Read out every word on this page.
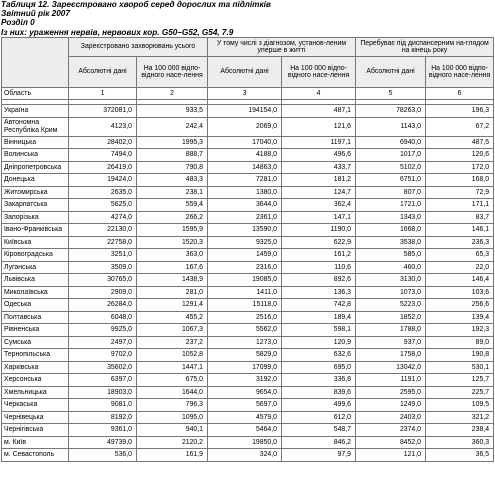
Таблиця 12. Зареєстровано хвороб серед дорослих та підлітків
Звітний рік 2007
Розділ 0
Із них: ураження нервів, нервових кор. G50–G52, G54, 7.9
	Зареєстровано захворювань усього		У тому числі з діагнозом, установ-леним уперше в житті		Перебуває під диспансерним на-глядом на кінець року	
	Абсолютні дані	На 100 000 відпо-відного насе-лення	Абсолютні дані	На 100 000 відпо-відного насе-лення	Абсолютні дані	На 100 000 відпо-відного насе-лення
Область	1	2	3	4	5	6

Україна	372081,0	933,5	194154,0	487,1	78263,0	196,3
Автономна Республіка Крим	4123,0	242,4	2069,0	121,6	1143,0	67,2
Вінницька	28402,0	1995,3	17040,0	1197,1	6940,0	487,5
Волинська	7494,0	888,7	4188,0	496,6	1017,0	120,6
Дніпропетровська	26419,0	790,8	14863,0	433,7	5102,0	172,0
Донецька	19424,0	483,3	7281,0	181,2	6751,0	168,0
Житомирська	2635,0	238,1	1380,0	124,7	807,0	72,9
Закарпатська	5625,0	559,4	3644,0	362,4	1721,0	171,1
Запорізька	4274,0	266,2	2361,0	147,1	1343,0	83,7
Івано-Франківська	22130,0	1595,9	13590,0	1190,0	1668,0	146,1
Київська	22758,0	1520,3	9325,0	622,9	3538,0	236,3
Кіровоградська	3251,0	363,0	1459,0	161,2	585,0	65,3
Луганська	3509,0	167,6	2316,0	110,6	460,0	22,0
Львівська	30765,0	1438,9	19085,0	892,6	3130,0	146,4
Миколаївська	2909,0	281,0	1411,0	136,3	1073,0	103,6
Одеська	26284,0	1291,4	15118,0	742,8	5223,0	256,6
Полтавська	6048,0	455,2	2516,0	189,4	1852,0	139,4
Рівненська	9925,0	1067,3	5562,0	598,1	1788,0	192,3
Сумська	2497,0	237,2	1273,0	120,9	937,0	89,0
Тернопільська	9702,0	1052,8	5829,0	632,6	1758,0	190,8
Харківська	35602,0	1447,1	17099,0	695,0	13042,0	530,1
Херсонська	6397,0	675,0	3192,0	336,8	1191,0	125,7
Хмельницька	18903,0	1644,0	9654,0	839,6	2595,0	225,7
Черкаська	9081,0	796,3	5697,0	499,6	1249,0	109,5
Чернівецька	8192,0	1095,0	4579,0	612,0	2403,0	321,2
Чернігівська	9361,0	940,1	5464,0	548,7	2374,0	238,4
м. Київ	49739,0	2120,2	19850,0	846,2	8452,0	360,3
м. Севастополь	536,0	161,9	324,0	97,9	121,0	36,5
